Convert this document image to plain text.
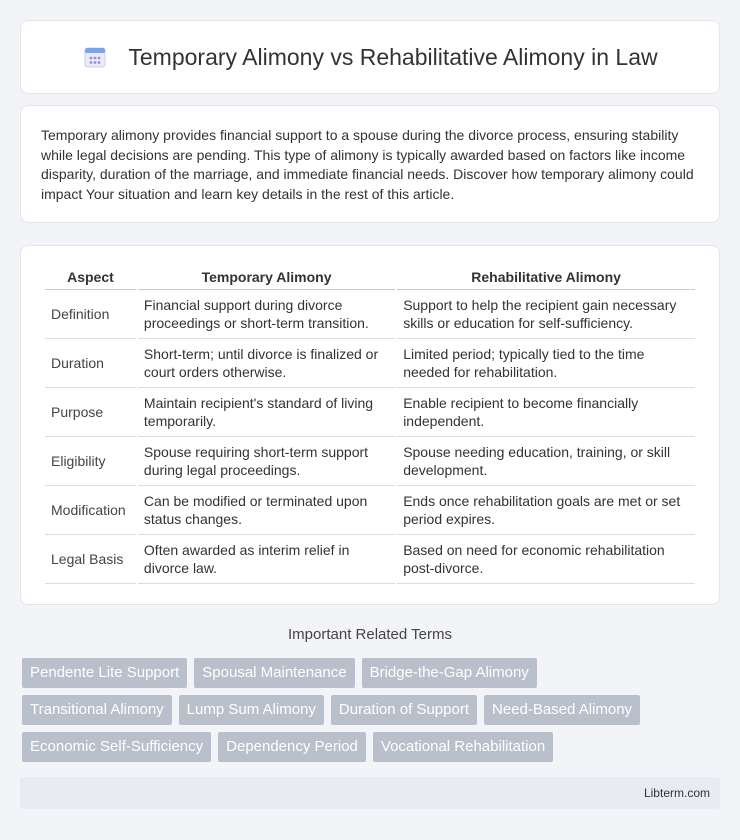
Temporary Alimony vs Rehabilitative Alimony in Law

Temporary alimony provides financial support to a spouse during the divorce process, ensuring stability while legal decisions are pending. This type of alimony is typically awarded based on factors like income disparity, duration of the marriage, and immediate financial needs. Discover how temporary alimony could impact Your situation and learn key details in the rest of this article.

Aspect	Temporary Alimony	Rehabilitative Alimony
Definition	Financial support during divorce proceedings or short-term transition.	Support to help the recipient gain necessary skills or education for self-sufficiency.
Duration	Short-term; until divorce is finalized or court orders otherwise.	Limited period; typically tied to the time needed for rehabilitation.
Purpose	Maintain recipient's standard of living temporarily.	Enable recipient to become financially independent.
Eligibility	Spouse requiring short-term support during legal proceedings.	Spouse needing education, training, or skill development.
Modification	Can be modified or terminated upon status changes.	Ends once rehabilitation goals are met or set period expires.
Legal Basis	Often awarded as interim relief in divorce law.	Based on need for economic rehabilitation post-divorce.
Important Related Terms
Pendente Lite Support	Spousal Maintenance	Bridge-the-Gap Alimony
Transitional Alimony	Lump Sum Alimony	Duration of Support	Need-Based Alimony
Economic Self-Sufficiency	Dependency Period	Vocational Rehabilitation
Libterm.com
